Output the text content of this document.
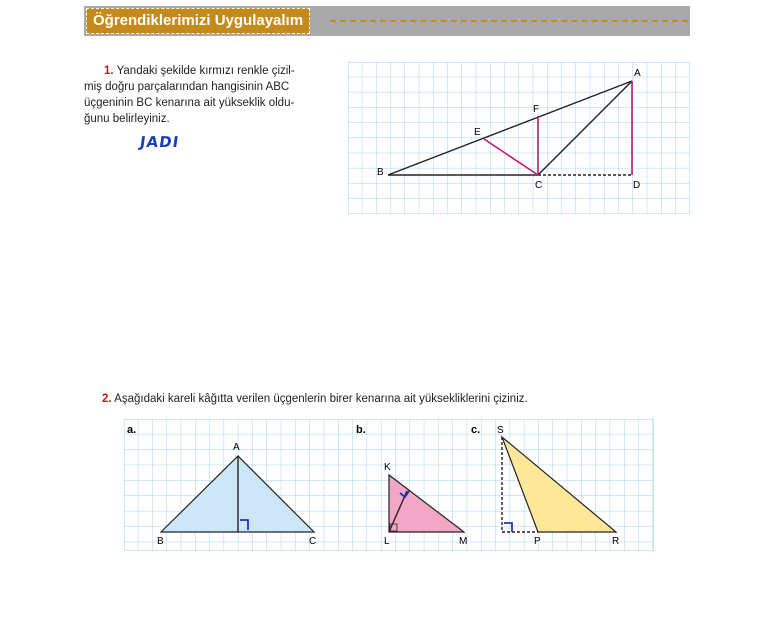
Öğrendiklerimizi Uygulayalım
1. Yandaki şekilde kırmızı renkle çizil-
miş doğru parçalarından hangisinin ABC
üçgeninin BC kenarına ait yükseklik oldu-
ğunu belirleyiniz.
JADI
A
B
C	D
E
F
2. Aşağıdaki kareli kâğıtta verilen üçgenlerin birer kenarına ait yüksekliklerini çiziniz.
a.
A
B	C
b.
K
L	M
c. S
P	R
